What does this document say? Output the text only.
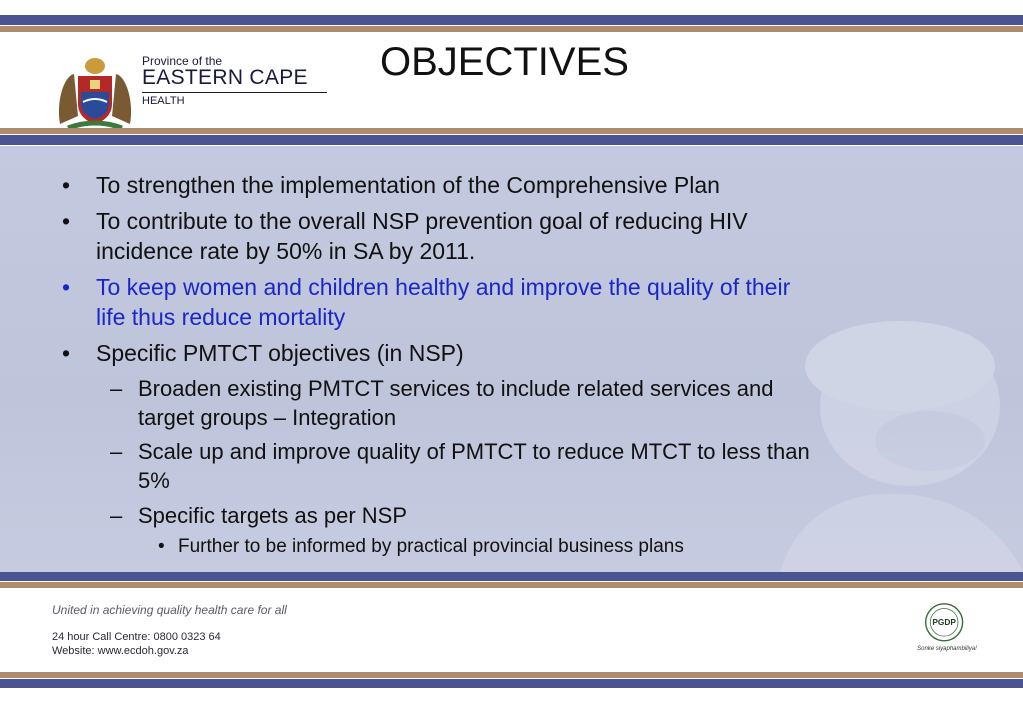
Province of the
EASTERN CAPE
HEALTH
OBJECTIVES
• To strengthen the implementation of the Comprehensive Plan
• To contribute to the overall NSP prevention goal of reducing HIV
incidence rate by 50% in SA by 2011.
• To keep women and children healthy and improve the quality of their
life thus reduce mortality
• Specific PMTCT objectives (in NSP)
– Broaden existing PMTCT services to include related services and
target groups – Integration
– Scale up and improve quality of PMTCT to reduce MTCT to less than
5%
– Specific targets as per NSP
• Further to be informed by practical provincial business plans
United in achieving quality health care for all
24 hour Call Centre: 0800 0323 64
Website: www.ecdoh.gov.za
PGDP
Sonke siyaphambiliya!
